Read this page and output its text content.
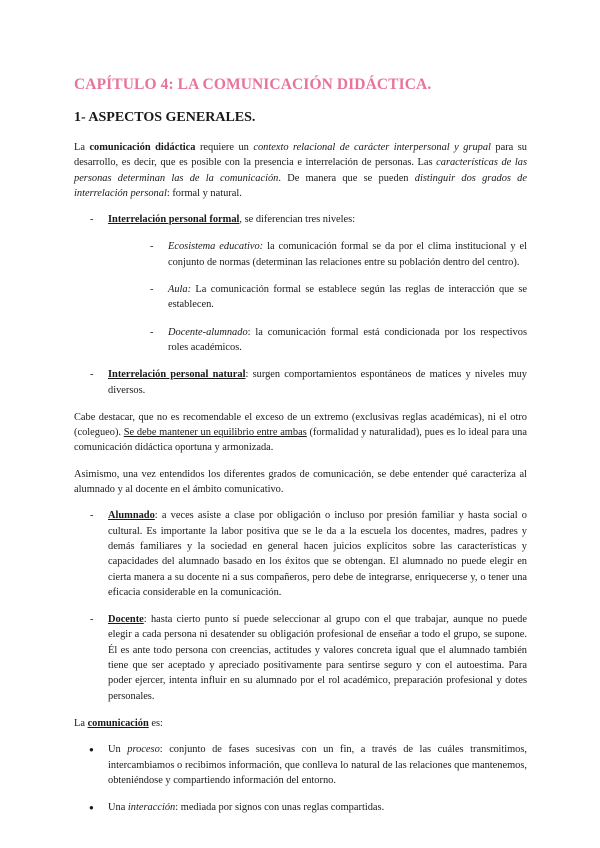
CAPÍTULO 4: LA COMUNICACIÓN DIDÁCTICA.
1- ASPECTOS GENERALES.

La comunicación didáctica requiere un contexto relacional de carácter interpersonal y grupal para su desarrollo, es decir, que es posible con la presencia e interrelación de personas. Las características de las personas determinan las de la comunicación. De manera que se pueden distinguir dos grados de interrelación personal: formal y natural.

- Interrelación personal formal, se diferencian tres niveles:
- Ecosistema educativo: la comunicación formal se da por el clima institucional y el conjunto de normas (determinan las relaciones entre su población dentro del centro).
- Aula: La comunicación formal se establece según las reglas de interacción que se establecen.
- Docente-alumnado: la comunicación formal está condicionada por los respectivos roles académicos.
- Interrelación personal natural: surgen comportamientos espontáneos de matices y niveles muy diversos.

Cabe destacar, que no es recomendable el exceso de un extremo (exclusivas reglas académicas), ni el otro (colegueo). Se debe mantener un equilibrio entre ambas (formalidad y naturalidad), pues es lo ideal para una comunicación didáctica oportuna y armonizada.

Asimismo, una vez entendidos los diferentes grados de comunicación, se debe entender qué caracteriza al alumnado y al docente en el ámbito comunicativo.

- Alumnado: a veces asiste a clase por obligación o incluso por presión familiar y hasta social o cultural. Es importante la labor positiva que se le da a la escuela los docentes, madres, padres y demás familiares y la sociedad en general hacen juicios explícitos sobre las características y capacidades del alumnado basado en los éxitos que se obtengan. El alumnado no puede elegir en cierta manera a su docente ni a sus compañeros, pero debe de integrarse, enriquecerse y, o tener una eficacia considerable en la comunicación.
- Docente: hasta cierto punto sí puede seleccionar al grupo con el que trabajar, aunque no puede elegir a cada persona ni desatender su obligación profesional de enseñar a todo el grupo, se supone. Él es ante todo persona con creencias, actitudes y valores concreta igual que el alumnado también tiene que ser aceptado y apreciado positivamente para sentirse seguro y con el autoestima. Para poder ejercer, intenta influir en su alumnado por el rol académico, preparación profesional y dotes personales.

La comunicación es:

● Un proceso: conjunto de fases sucesivas con un fin, a través de las cuáles transmitimos, intercambiamos o recibimos información, que conlleva lo natural de las relaciones que mantenemos, obteniéndose y compartiendo información del entorno.
● Una interacción: mediada por signos con unas reglas compartidas.
